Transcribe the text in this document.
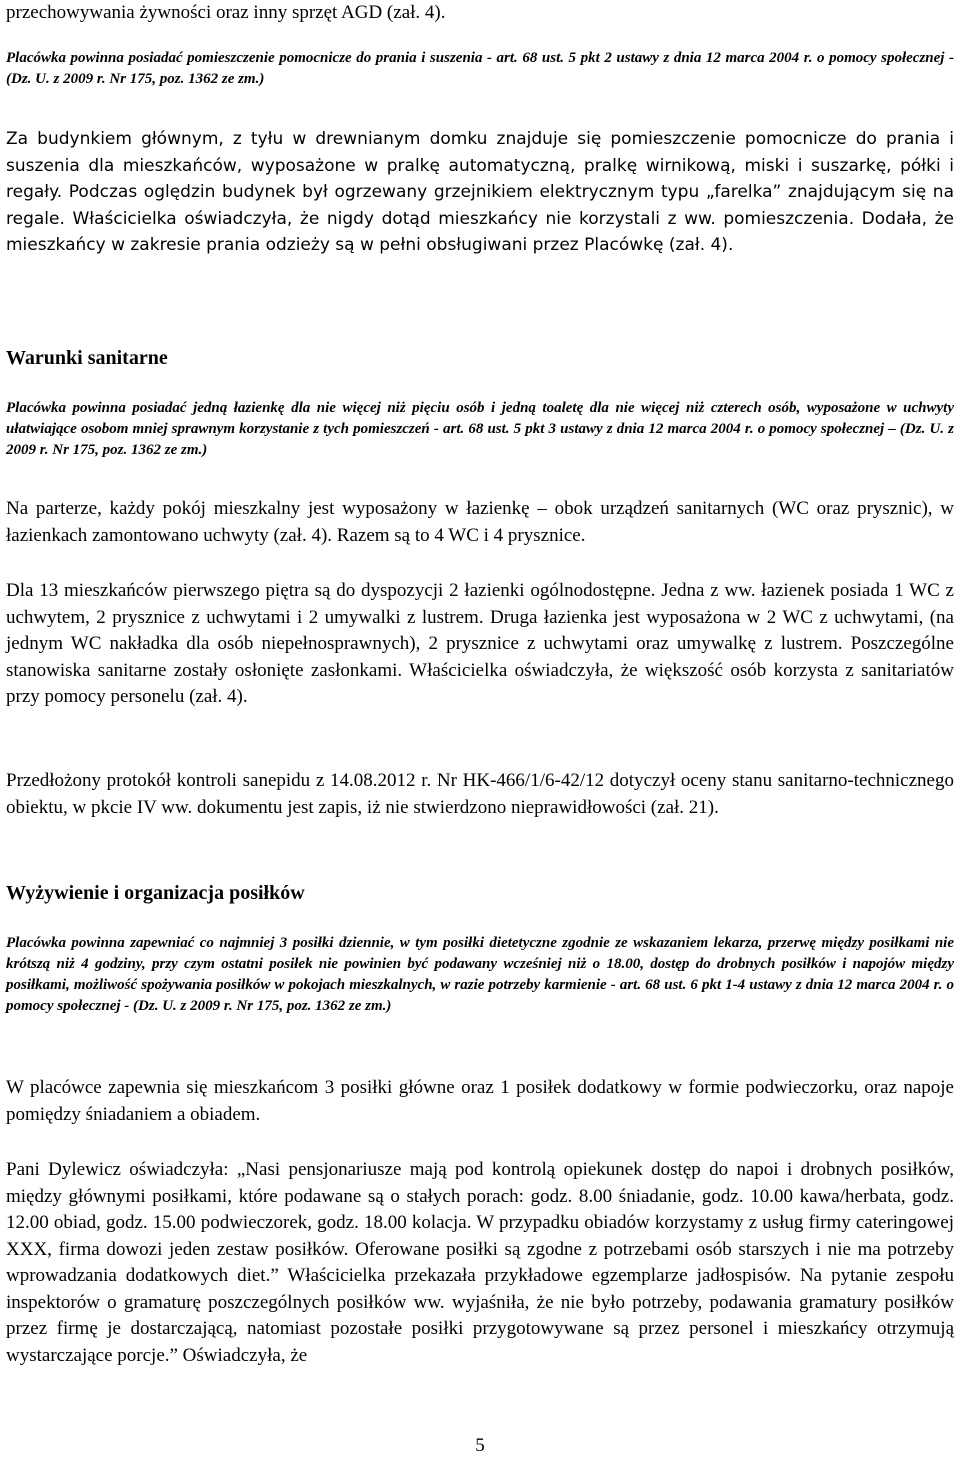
przechowywania żywności oraz inny sprzęt AGD (zał. 4).

Placówka powinna posiadać pomieszczenie pomocnicze do prania i suszenia - art. 68 ust. 5 pkt 2 ustawy z dnia 12 marca 2004 r. o pomocy społecznej - (Dz. U. z 2009 r. Nr 175, poz. 1362 ze zm.)

Za budynkiem głównym, z tyłu w drewnianym domku znajduje się pomieszczenie pomocnicze do prania i suszenia dla mieszkańców, wyposażone w pralkę automatyczną, pralkę wirnikową, miski i suszarkę, półki i regały. Podczas oględzin budynek był ogrzewany grzejnikiem elektrycznym typu „farelka” znajdującym się na regale. Właścicielka oświadczyła, że nigdy dotąd mieszkańcy nie korzystali z ww. pomieszczenia. Dodała, że mieszkańcy w zakresie prania odzieży są w pełni obsługiwani przez Placówkę (zał. 4).

Warunki sanitarne

Placówka powinna posiadać jedną łazienkę dla nie więcej niż pięciu osób i jedną toaletę dla nie więcej niż czterech osób, wyposażone w uchwyty ułatwiające osobom mniej sprawnym korzystanie z tych pomieszczeń - art. 68 ust. 5 pkt 3 ustawy z dnia 12 marca 2004 r. o pomocy społecznej – (Dz. U. z 2009 r. Nr 175, poz. 1362 ze zm.)

Na parterze, każdy pokój mieszkalny jest wyposażony w łazienkę – obok urządzeń sanitarnych (WC oraz prysznic), w łazienkach zamontowano uchwyty (zał. 4). Razem są to 4 WC i 4 prysznice.

Dla 13 mieszkańców pierwszego piętra są do dyspozycji 2 łazienki ogólnodostępne. Jedna z ww. łazienek posiada 1 WC z uchwytem, 2 prysznice z uchwytami i 2 umywalki z lustrem. Druga łazienka jest wyposażona w 2 WC z uchwytami, (na jednym WC nakładka dla osób niepełnosprawnych), 2 prysznice z uchwytami oraz umywalkę z lustrem. Poszczególne stanowiska sanitarne zostały osłonięte zasłonkami. Właścicielka oświadczyła, że większość osób korzysta z sanitariatów przy pomocy personelu (zał. 4).

Przedłożony protokół kontroli sanepidu z 14.08.2012 r. Nr HK-466/1/6-42/12 dotyczył oceny stanu sanitarno-technicznego obiektu, w pkcie IV ww. dokumentu jest zapis, iż nie stwierdzono nieprawidłowości (zał. 21).

Wyżywienie i organizacja posiłków

Placówka powinna zapewniać co najmniej 3 posiłki dziennie, w tym posiłki dietetyczne zgodnie ze wskazaniem lekarza, przerwę między posiłkami nie krótszą niż 4 godziny, przy czym ostatni posiłek nie powinien być podawany wcześniej niż o 18.00, dostęp do drobnych posiłków i napojów między posiłkami, możliwość spożywania posiłków w pokojach mieszkalnych, w razie potrzeby karmienie - art. 68 ust. 6 pkt 1-4 ustawy z dnia 12 marca 2004 r. o pomocy społecznej - (Dz. U. z 2009 r. Nr 175, poz. 1362 ze zm.)

W placówce zapewnia się mieszkańcom 3 posiłki główne oraz 1 posiłek dodatkowy w formie podwieczorku, oraz napoje pomiędzy śniadaniem a obiadem.

Pani Dylewicz oświadczyła: „Nasi pensjonariusze mają pod kontrolą opiekunek dostęp do napoi i drobnych posiłków, między głównymi posiłkami, które podawane są o stałych porach: godz. 8.00 śniadanie, godz. 10.00 kawa/herbata, godz. 12.00 obiad, godz. 15.00 podwieczorek, godz. 18.00 kolacja. W przypadku obiadów korzystamy z usług firmy cateringowej XXX, firma dowozi jeden zestaw posiłków. Oferowane posiłki są zgodne z potrzebami osób starszych i nie ma potrzeby wprowadzania dodatkowych diet.” Właścicielka przekazała przykładowe egzemplarze jadłospisów. Na pytanie zespołu inspektorów o gramaturę poszczególnych posiłków ww. wyjaśniła, że nie było potrzeby, podawania gramatury posiłków przez firmę je dostarczającą, natomiast pozostałe posiłki przygotowywane są przez personel i mieszkańcy otrzymują wystarczające porcje.” Oświadczyła, że

5
